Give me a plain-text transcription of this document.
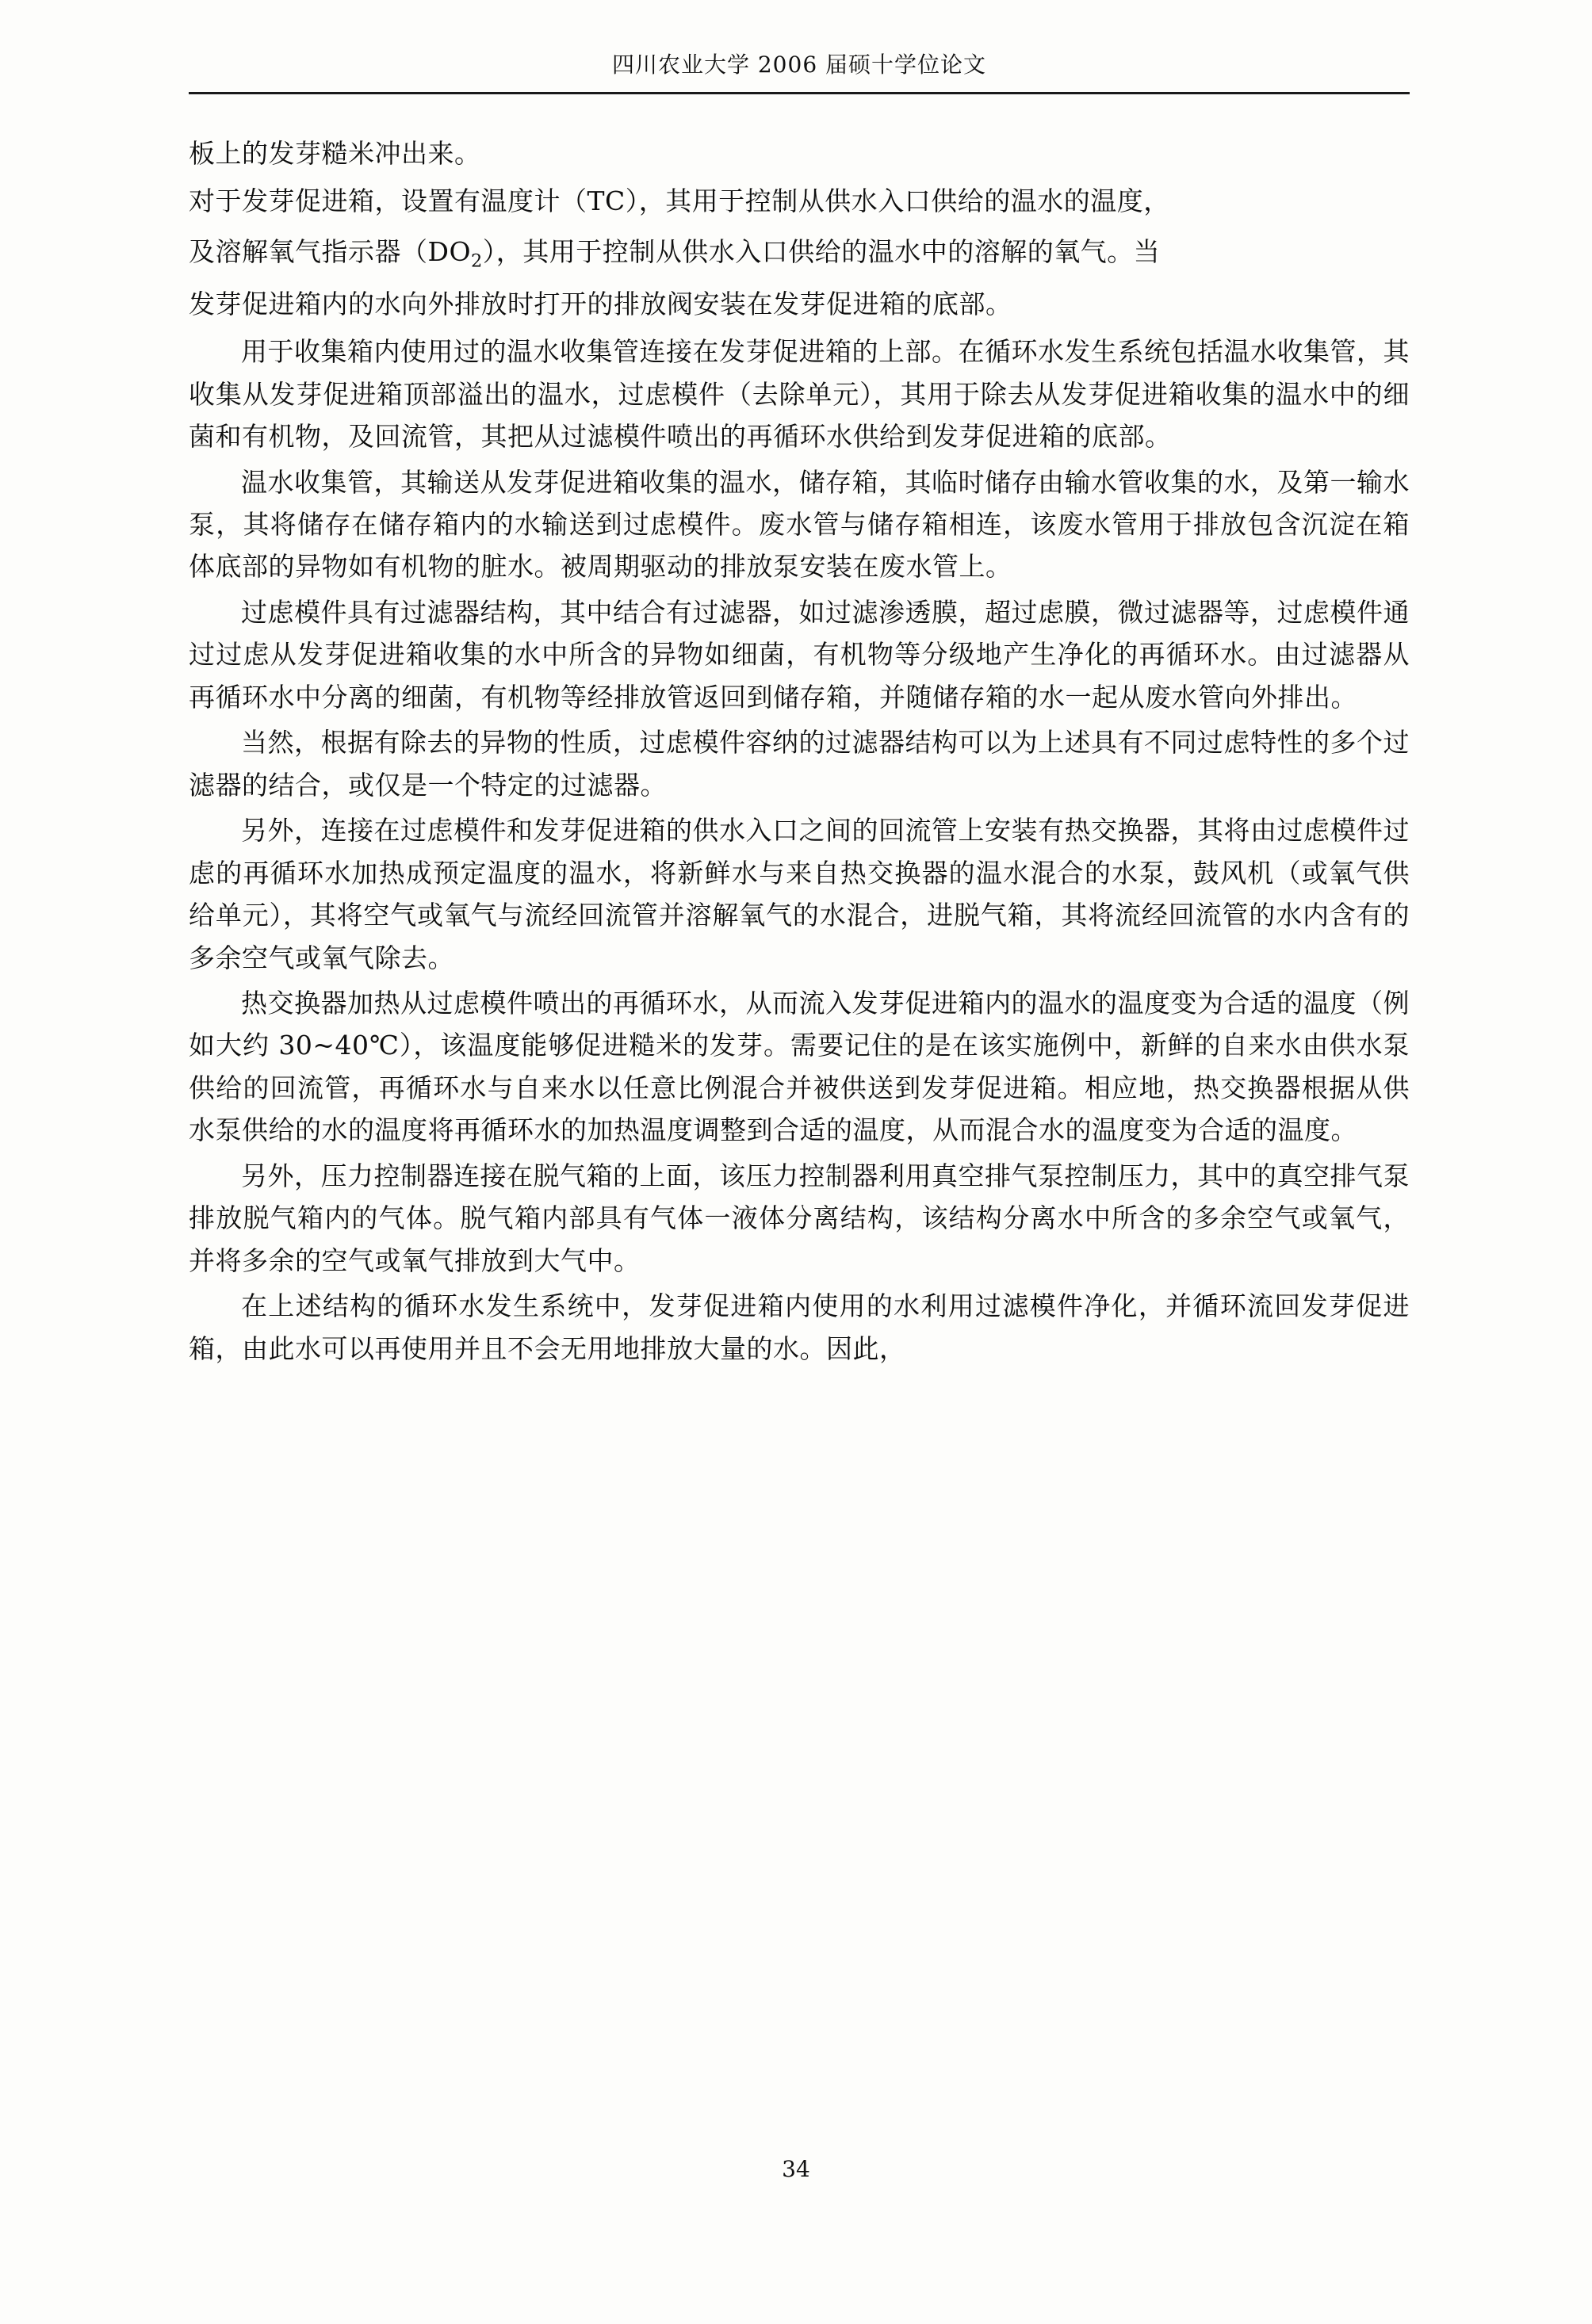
四川农业大学 2006 届硕十学位论文

板上的发芽糙米冲出来。

对于发芽促进箱，设置有温度计（TC），其用于控制从供水入口供给的温水的温度，

及溶解氧气指示器$(DO_2)$，其用于控制从供水入口供给的温水中的溶解的氧气。当

发芽促进箱内的水向外排放时打开的排放阀安装在发芽促进箱的底部。

用于收集箱内使用过的温水收集管连接在发芽促进箱的上部。在循环水发生系统包括温水收集管，其收集从发芽促进箱顶部溢出的温水，过虑模件（去除单元），其用于除去从发芽促进箱收集的温水中的细菌和有机物，及回流管，其把从过滤模件喷出的再循环水供给到发芽促进箱的底部。

温水收集管，其输送从发芽促进箱收集的温水，储存箱，其临时储存由输水管收集的水，及第一输水泵，其将储存在储存箱内的水输送到过虑模件。废水管与储存箱相连，该废水管用于排放包含沉淀在箱体底部的异物如有机物的脏水。被周期驱动的排放泵安装在废水管上。

过虑模件具有过滤器结构，其中结合有过滤器，如过滤渗透膜，超过虑膜，微过滤器等，过虑模件通过过虑从发芽促进箱收集的水中所含的异物如细菌，有机物等分级地产生净化的再循环水。由过滤器从再循环水中分离的细菌，有机物等经排放管返回到储存箱，并随储存箱的水一起从废水管向外排出。

当然，根据有除去的异物的性质，过虑模件容纳的过滤器结构可以为上述具有不同过虑特性的多个过滤器的结合，或仅是一个特定的过滤器。

另外，连接在过虑模件和发芽促进箱的供水入口之间的回流管上安装有热交换器，其将由过虑模件过虑的再循环水加热成预定温度的温水，将新鲜水与来自热交换器的温水混合的水泵，鼓风机（或氧气供给单元），其将空气或氧气与流经回流管并溶解氧气的水混合，进脱气箱，其将流经回流管的水内含有的多余空气或氧气除去。

热交换器加热从过虑模件喷出的再循环水，从而流入发芽促进箱内的温水的温度变为合适的温度（例如大约 30~40℃），该温度能够促进糙米的发芽。需要记住的是在该实施例中，新鲜的自来水由供水泵供给的回流管，再循环水与自来水以任意比例混合并被供送到发芽促进箱。相应地，热交换器根据从供水泵供给的水的温度将再循环水的加热温度调整到合适的温度，从而混合水的温度变为合适的温度。

另外，压力控制器连接在脱气箱的上面，该压力控制器利用真空排气泵控制压力，其中的真空排气泵排放脱气箱内的气体。脱气箱内部具有气体一液体分离结构，该结构分离水中所含的多余空气或氧气，并将多余的空气或氧气排放到大气中。

在上述结构的循环水发生系统中，发芽促进箱内使用的水利用过滤模件净化，并循环流回发芽促进箱，由此水可以再使用并且不会无用地排放大量的水。因此，

34
